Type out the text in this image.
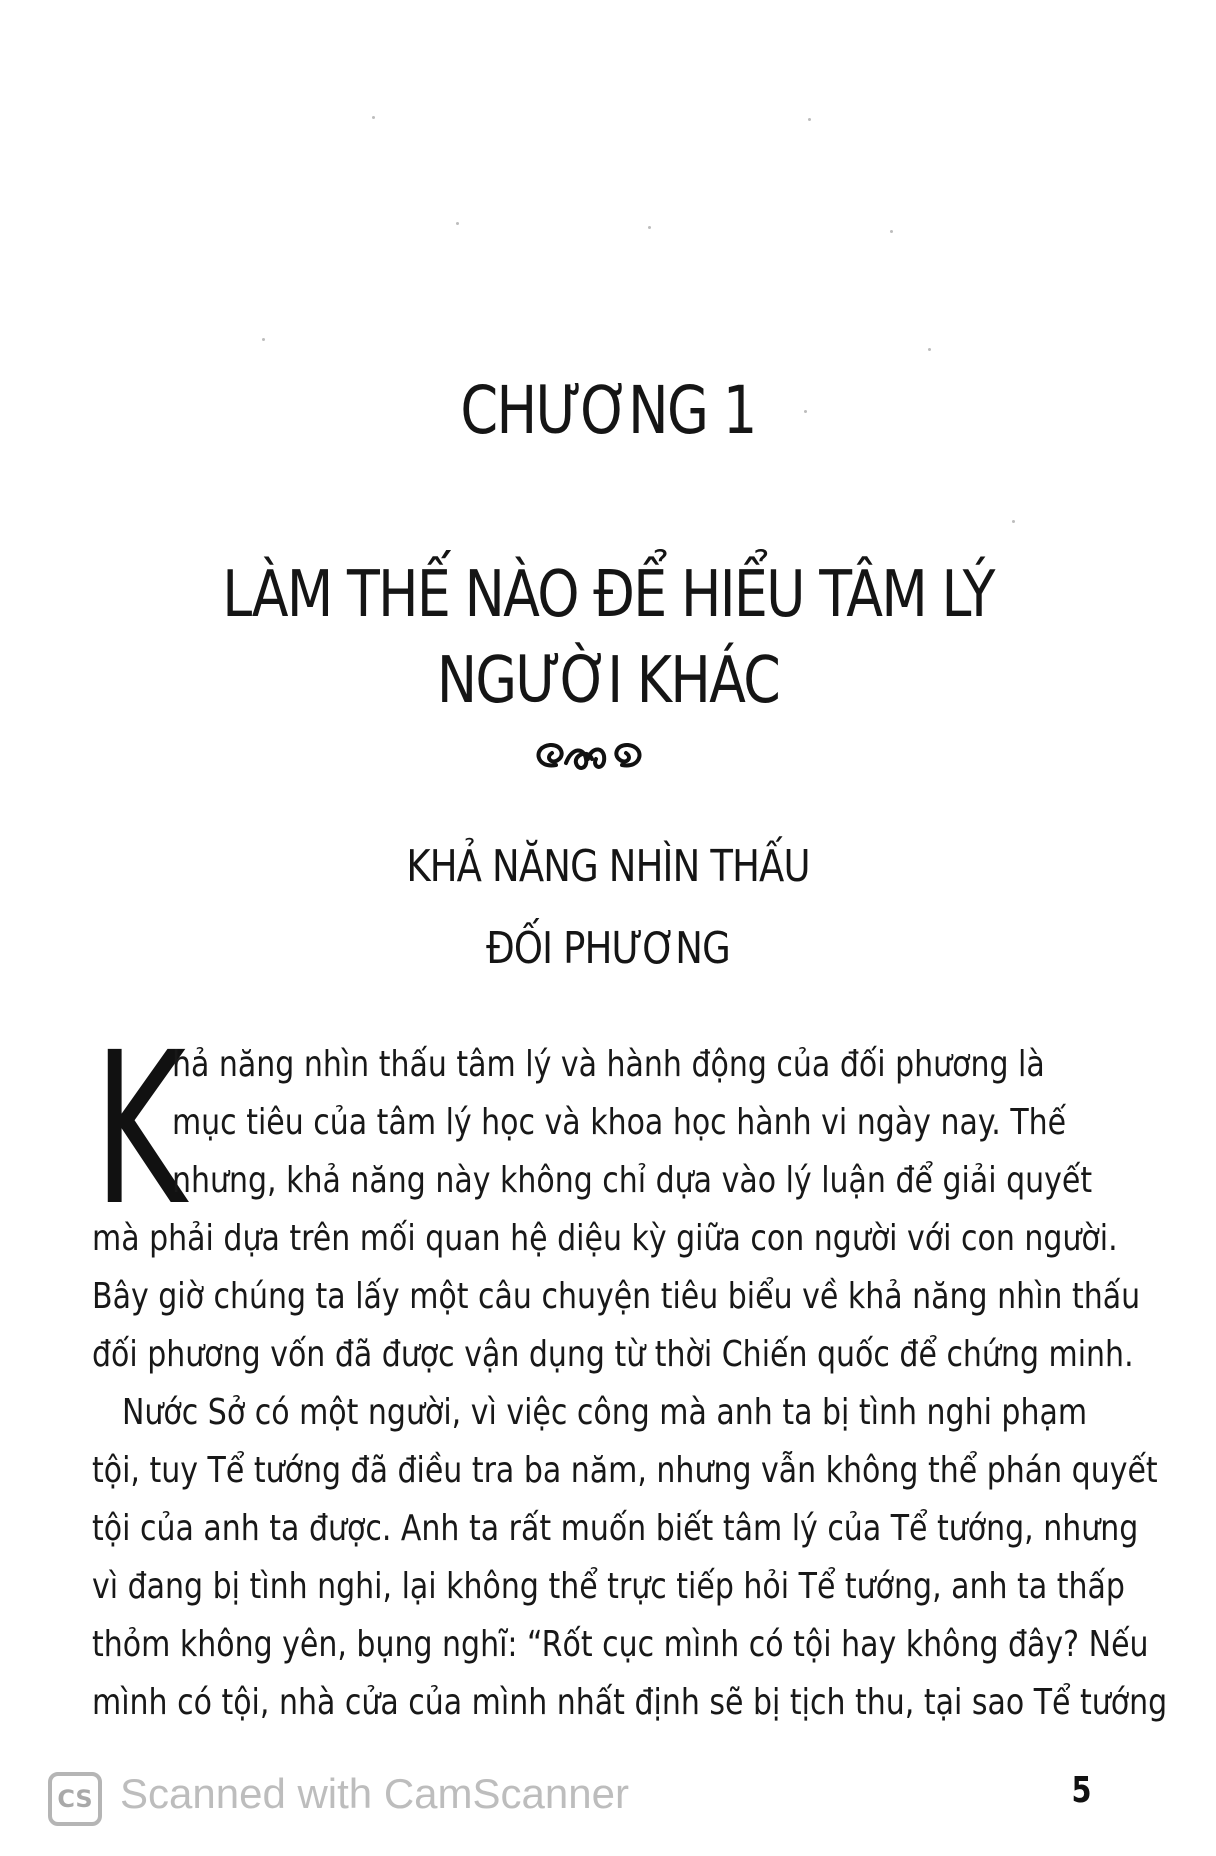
CHƯƠNG 1
LÀM THẾ NÀO ĐỂ HIỂU TÂM LÝ
NGƯỜI KHÁC
KHẢ NĂNG NHÌN THẤU
ĐỐI PHƯƠNG
K
hả năng nhìn thấu tâm lý và hành động của đối phương là
mục tiêu của tâm lý học và khoa học hành vi ngày nay. Thế
nhưng, khả năng này không chỉ dựa vào lý luận để giải quyết
mà phải dựa trên mối quan hệ diệu kỳ giữa con người với con người.
Bây giờ chúng ta lấy một câu chuyện tiêu biểu về khả năng nhìn thấu
đối phương vốn đã được vận dụng từ thời Chiến quốc để chứng minh.
Nước Sở có một người, vì việc công mà anh ta bị tình nghi phạm
tội, tuy Tể tướng đã điều tra ba năm, nhưng vẫn không thể phán quyết
tội của anh ta được. Anh ta rất muốn biết tâm lý của Tể tướng, nhưng
vì đang bị tình nghi, lại không thể trực tiếp hỏi Tể tướng, anh ta thấp
thỏm không yên, bụng nghĩ: “Rốt cục mình có tội hay không đây? Nếu
mình có tội, nhà cửa của mình nhất định sẽ bị tịch thu, tại sao Tể tướng
CS Scanned with CamScanner	5
